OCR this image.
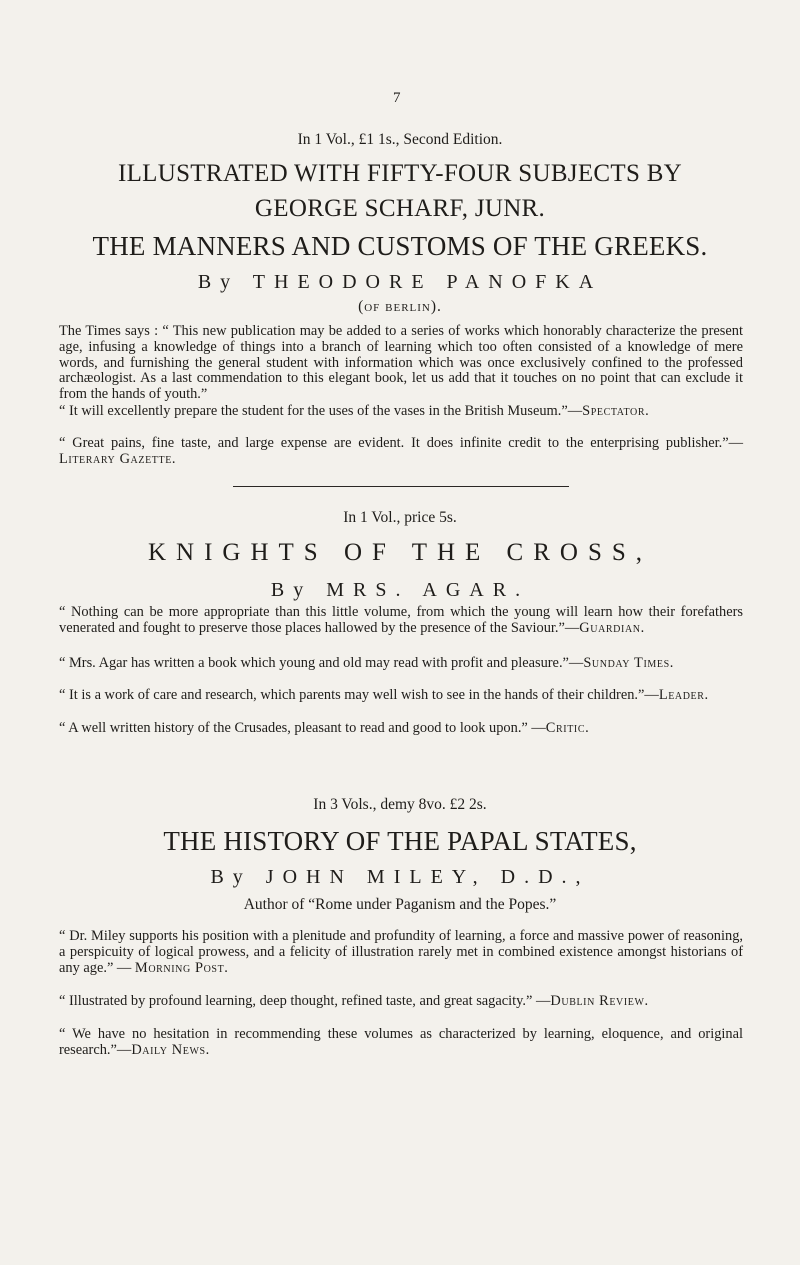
7
In 1 Vol., £1 1s., Second Edition.
ILLUSTRATED WITH FIFTY-FOUR SUBJECTS BY
GEORGE SCHARF, JUNR.
THE MANNERS AND CUSTOMS OF THE GREEKS.
By THEODORE PANOFKA
(of berlin).
The Times says : “ This new publication may be added to a series of works which honorably characterize the present age, infusing a knowledge of things into a branch of learning which too often consisted of a knowledge of mere words, and furnishing the general student with information which was once exclusively confined to the professed archæologist. As a last commendation to this elegant book, let us add that it touches on no point that can exclude it from the hands of youth.”
“ It will excellently prepare the student for the uses of the vases in the British Museum.”—Spectator.
“ Great pains, fine taste, and large expense are evident. It does infinite credit to the enterprising publisher.”—Literary Gazette.
In 1 Vol., price 5s.
KNIGHTS OF THE CROSS,
By MRS. AGAR.
“ Nothing can be more appropriate than this little volume, from which the young will learn how their forefathers venerated and fought to preserve those places hallowed by the presence of the Saviour.”—Guardian.
“ Mrs. Agar has written a book which young and old may read with profit and pleasure.”—Sunday Times.
“ It is a work of care and research, which parents may well wish to see in the hands of their children.”—Leader.
“ A well written history of the Crusades, pleasant to read and good to look upon.” —Critic.
In 3 Vols., demy 8vo. £2 2s.
THE HISTORY OF THE PAPAL STATES,
By JOHN MILEY, D.D.,
Author of “Rome under Paganism and the Popes.”
“ Dr. Miley supports his position with a plenitude and profundity of learning, a force and massive power of reasoning, a perspicuity of logical prowess, and a felicity of illustration rarely met in combined existence amongst historians of any age.” — Morning Post.
“ Illustrated by profound learning, deep thought, refined taste, and great sagacity.” —Dublin Review.
“ We have no hesitation in recommending these volumes as characterized by learning, eloquence, and original research.”—Daily News.
